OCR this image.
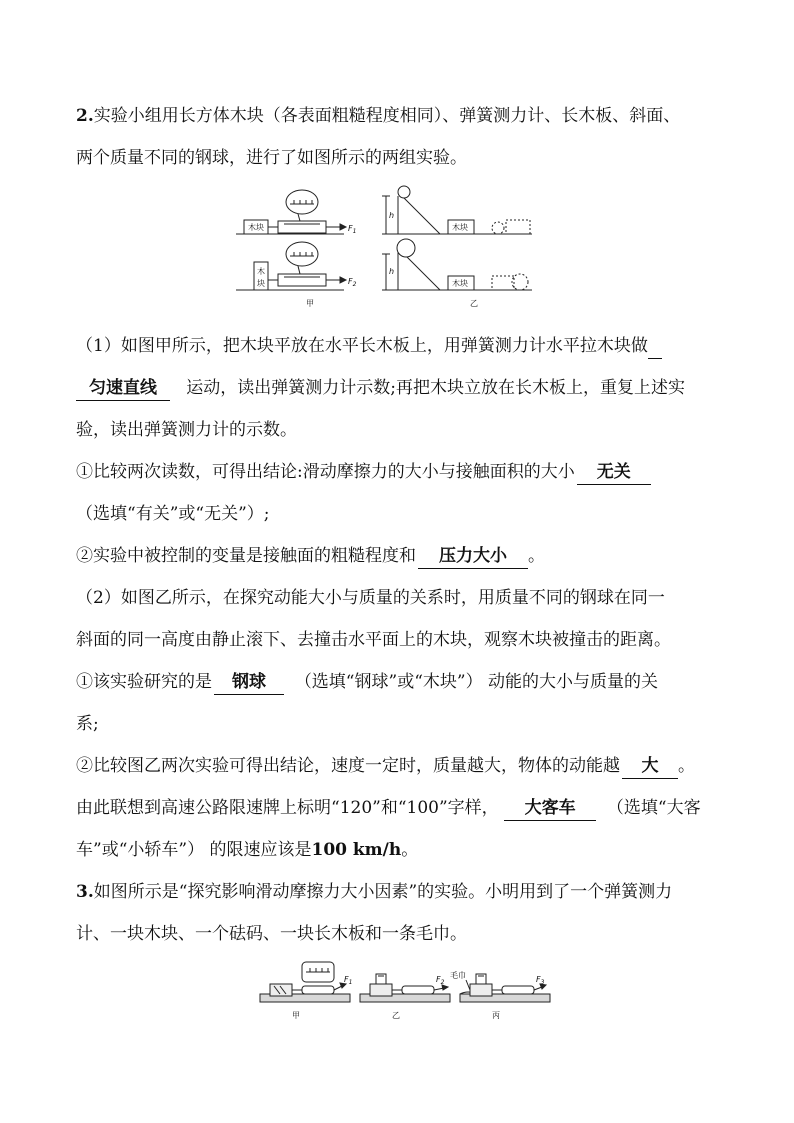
2.实验小组用长方体木块（各表面粗糙程度相同）、弹簧测力计、长木板、斜面、
两个质量不同的钢球，进行了如图所示的两组实验。
木块
木
块
木块
木块
$F_1$
$F_2$
h
h
甲	乙
（1）如图甲所示，把木块平放在水平长木板上，用弹簧测力计水平拉木块做
匀速直线 运动，读出弹簧测力计示数;再把木块立放在长木板上，重复上述实
验，读出弹簧测力计的示数。
①比较两次读数，可得出结论:滑动摩擦力的大小与接触面积的大小 无关
（选填“有关”或“无关”）;
②实验中被控制的变量是接触面的粗糙程度和 压力大小 。
（2）如图乙所示，在探究动能大小与质量的关系时，用质量不同的钢球在同一
斜面的同一高度由静止滚下、去撞击水平面上的木块，观察木块被撞击的距离。
①该实验研究的是 钢球 （选填“钢球”或“木块”） 动能的大小与质量的关
系;
②比较图乙两次实验可得出结论，速度一定时，质量越大，物体的动能越 大 。
由此联想到高速公路限速牌上标明“120”和“100”字样， 大客车 （选填“大客
车”或“小轿车”） 的限速应该是100 km/h。
3.如图所示是“探究影响滑动摩擦力大小因素”的实验。小明用到了一个弹簧测力
计、一块木块、一个砝码、一块长木板和一条毛巾。
$F_1$	$F_2$	$F_3$
毛巾
甲	乙	丙
